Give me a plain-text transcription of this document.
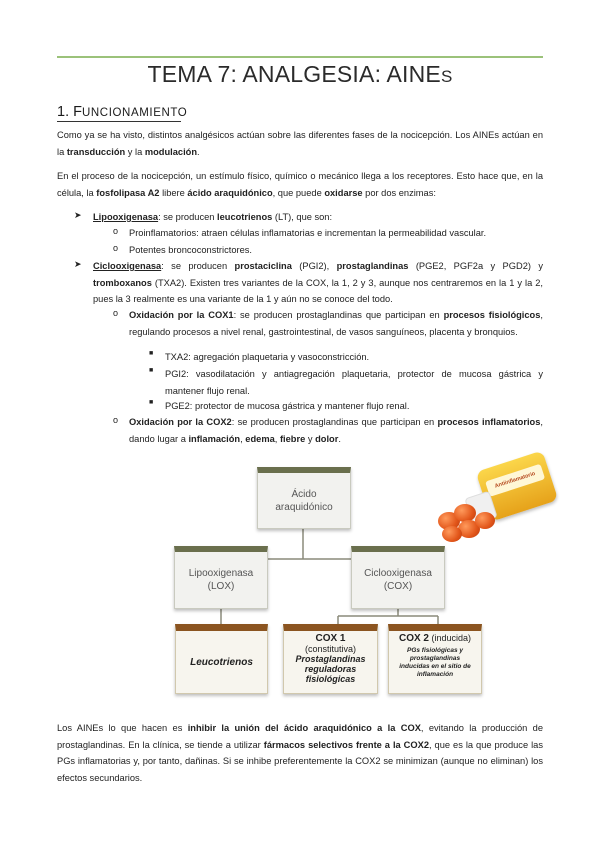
TEMA 7: ANALGESIA: AINES
1. FUNCIONAMIENTO
Como ya se ha visto, distintos analgésicos actúan sobre las diferentes fases de la nocicepción. Los AINEs actúan en la transducción y la modulación.
En el proceso de la nocicepción, un estímulo físico, químico o mecánico llega a los receptores. Esto hace que, en la célula, la fosfolipasa A2 libere ácido araquidónico, que puede oxidarse por dos enzimas:
➤ Lipooxigenasa: se producen leucotrienos (LT), que son:
o Proinflamatorios: atraen células inflamatorias e incrementan la permeabilidad vascular.
o Potentes broncoconstrictores.
➤ Ciclooxigenasa: se producen prostaciclina (PGI2), prostaglandinas (PGE2, PGF2a y PGD2) y tromboxanos (TXA2). Existen tres variantes de la COX, la 1, 2 y 3, aunque nos centraremos en la 1 y la 2, pues la 3 realmente es una variante de la 1 y aún no se conoce del todo.
o Oxidación por la COX1: se producen prostaglandinas que participan en procesos fisiológicos, regulando procesos a nivel renal, gastrointestinal, de vasos sanguíneos, placenta y bronquios.
■ TXA2: agregación plaquetaria y vasoconstricción.
■ PGI2: vasodilatación y antiagregación plaquetaria, protector de mucosa gástrica y mantener flujo renal.
■ PGE2: protector de mucosa gástrica y mantener flujo renal.
o Oxidación por la COX2: se producen prostaglandinas que participan en procesos inflamatorios, dando lugar a inflamación, edema, fiebre y dolor.
Ácido
araquidónico
Lipooxigenasa
(LOX)
Ciclooxigenasa
(COX)
Leucotrienos
COX 1
(constitutiva)
Prostaglandinas reguladoras fisiológicas
COX 2 (inducida)
PGs fisiológicas y prostaglandinas inducidas en el sitio de inflamación
Antiinflamatorio
Los AINEs lo que hacen es inhibir la unión del ácido araquidónico a la COX, evitando la producción de prostaglandinas. En la clínica, se tiende a utilizar fármacos selectivos frente a la COX2, que es la que produce las PGs inflamatorias y, por tanto, dañinas. Si se inhibe preferentemente la COX2 se minimizan (aunque no eliminan) los efectos secundarios.
